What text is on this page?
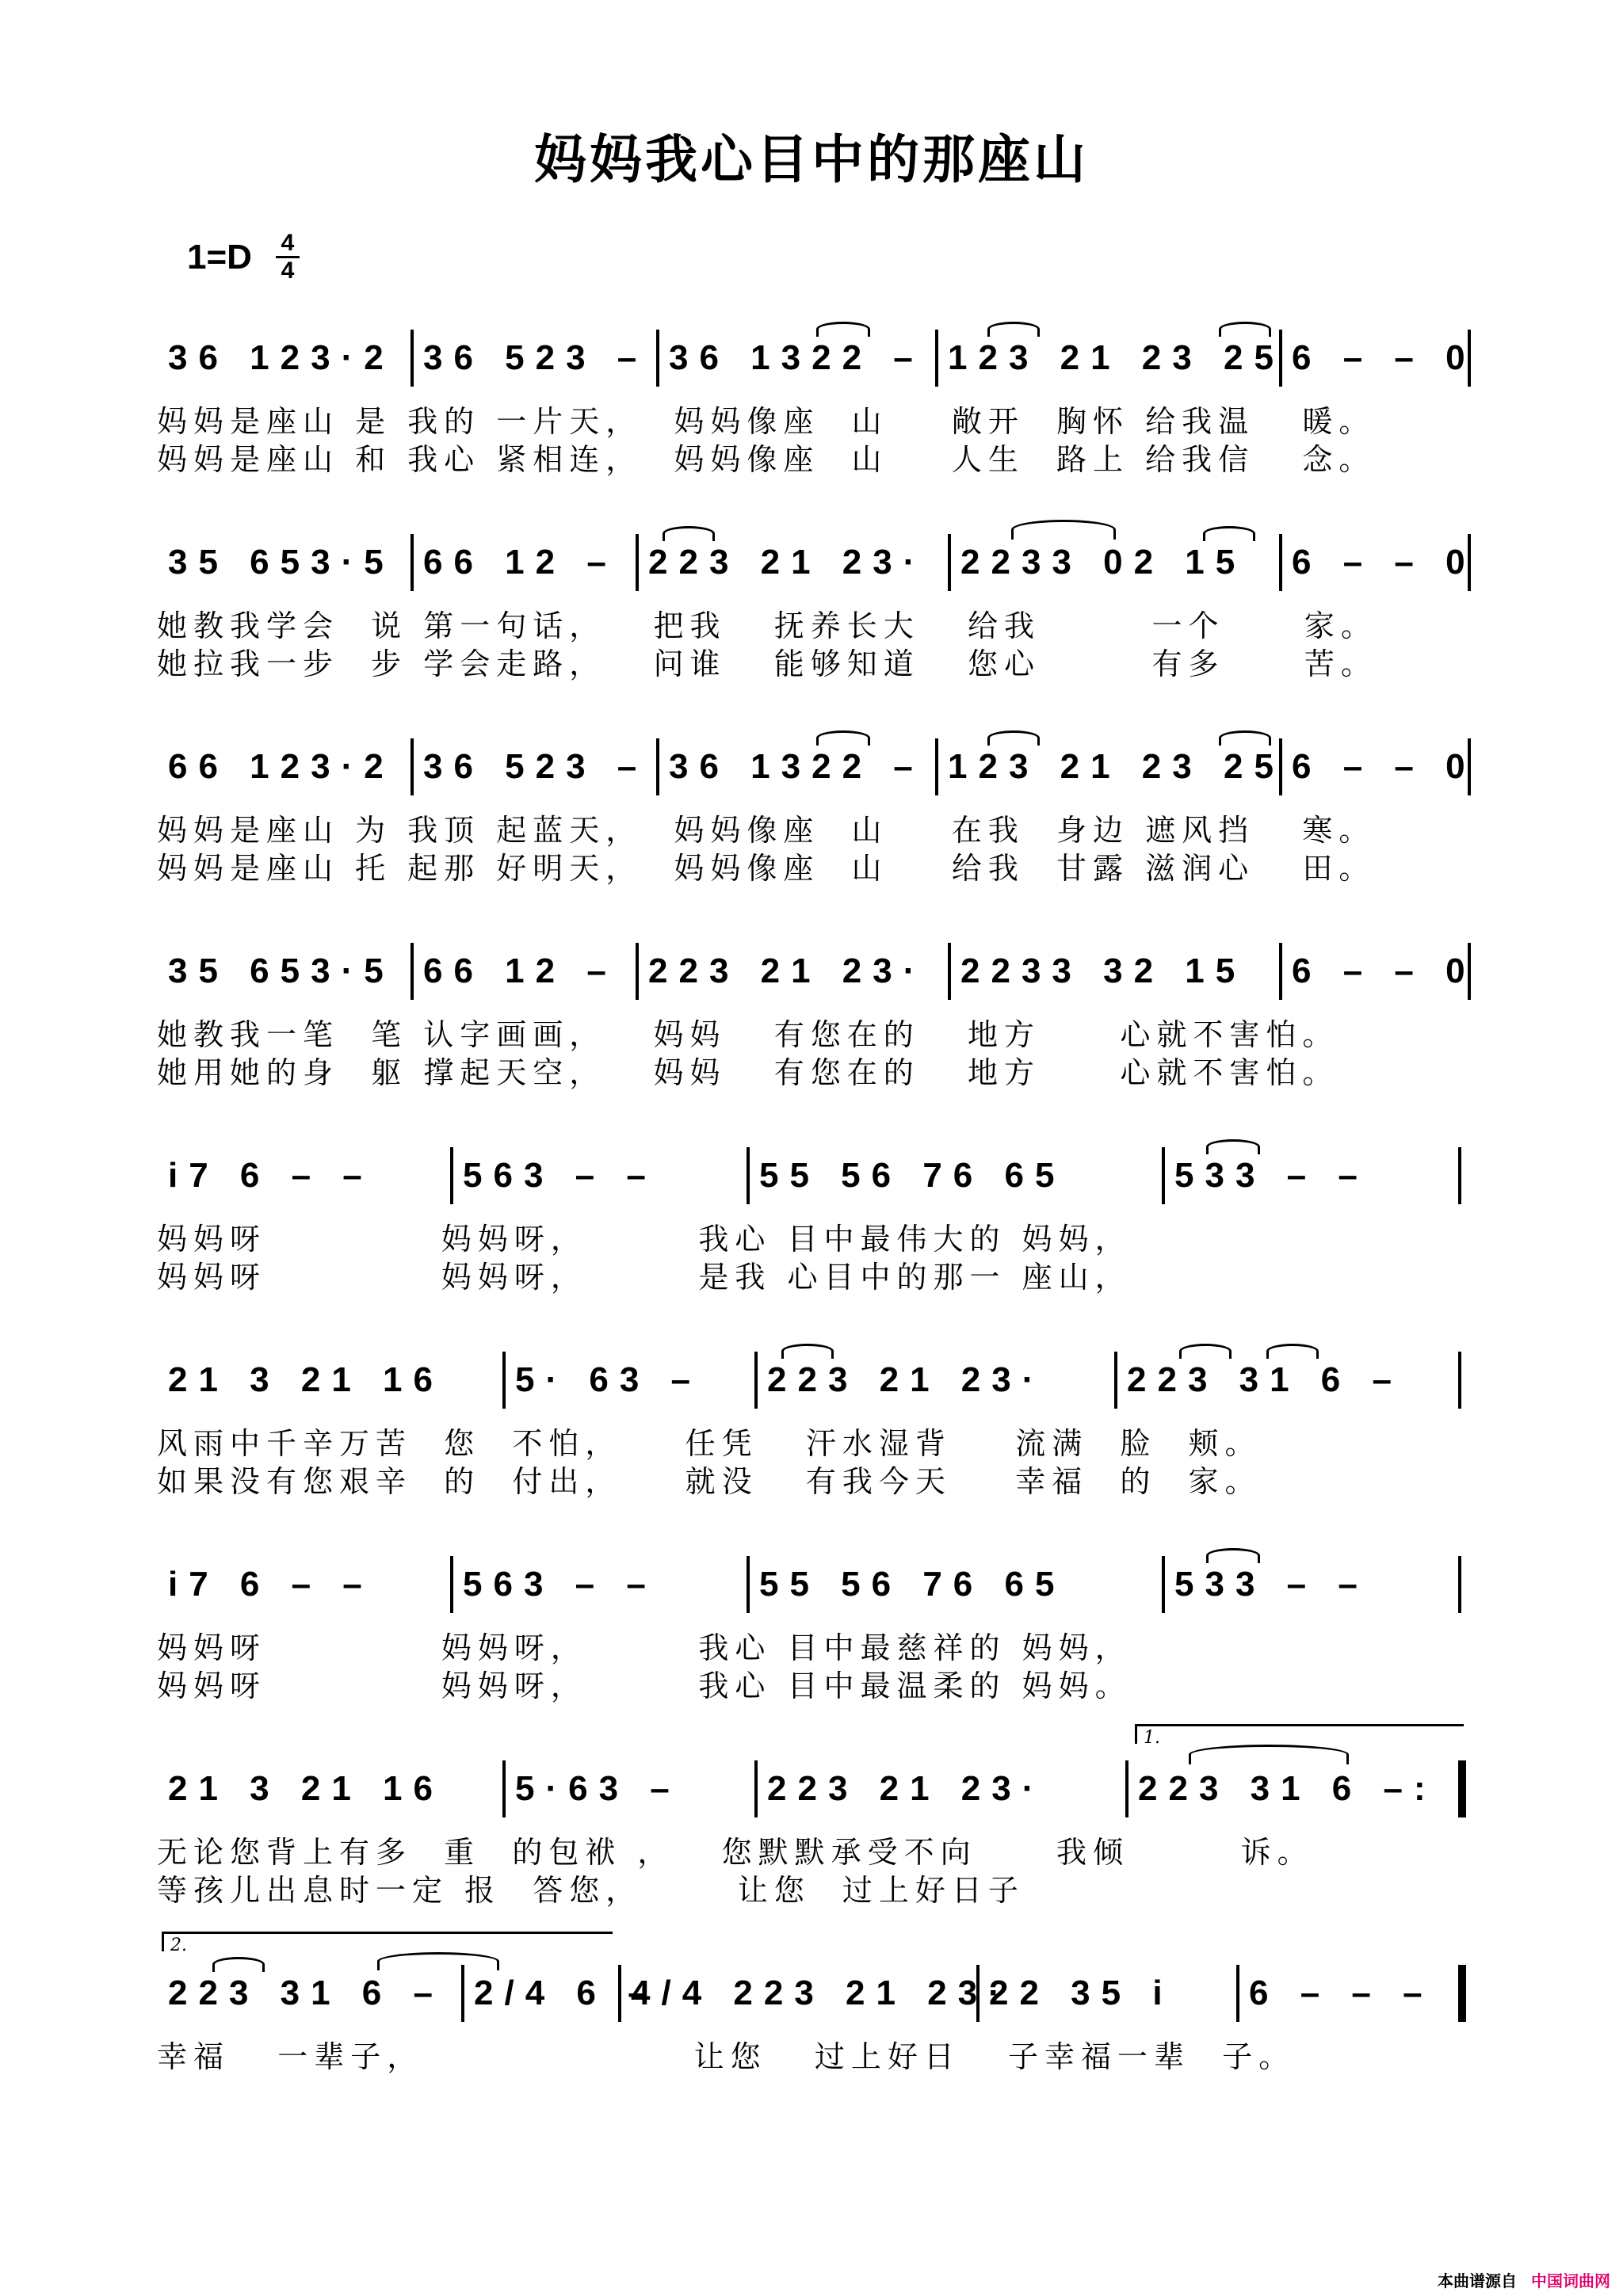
妈妈我心目中的那座山
1=D 4
4
36 123·2 36 523 – 36 1322 – 123 21 23 25 6 – – 0
妈妈是座山 是 我的 一片天，  妈妈像座  山    敞开  胸怀 给我温   暖。
妈妈是座山 和 我心 紧相连，  妈妈像座  山    人生  路上 给我信   念。
35 653·5 66 12 – 223 21 23· 2233 02 15	6 – – 0
她教我学会  说 第一句话，   把我   抚养长大   给我       一个     家。
她拉我一步  步 学会走路，   问谁   能够知道   您心       有多     苦。
66 123·2 36 523 – 36 1322 – 123 21 23 25 6 – – 0
妈妈是座山 为 我顶 起蓝天，  妈妈像座  山    在我  身边 遮风挡   寒。
妈妈是座山 托 起那 好明天，  妈妈像座  山    给我  甘露 滋润心   田。
35 653·5 66 12 – 223 21 23· 2233 32 15	6 – – 0
她教我一笔  笔 认字画画，   妈妈   有您在的   地方     心就不害怕。
她用她的身  躯 撑起天空，   妈妈   有您在的   地方     心就不害怕。
i7 6 – –	563 – –	55 56 76 65	533 – –
妈妈呀           妈妈呀，       我心 目中最伟大的 妈妈，
妈妈呀           妈妈呀，       是我 心目中的那一 座山，
21 3 21 16	5· 63 –	223 21 23·	223 31 6 –
风雨中千辛万苦  您  不怕，    任凭   汗水湿背    流满  脸  颊。
如果没有您艰辛  的  付出，    就没   有我今天    幸福  的  家。
i7 6 – –	563 – –	55 56 76 65	533 – –
妈妈呀           妈妈呀，       我心 目中最慈祥的 妈妈，
妈妈呀           妈妈呀，       我心 目中最温柔的 妈妈。
1.
21 3 21 16	5·63 –	223 21 23·	223 31 6 –:
无论您背上有多  重  的包袱 ，   您默默承受不向     我倾       诉。
等孩儿出息时一定 报  答您，      让您  过上好日子
2.
223 31 6 – 2/4 6 –
4/4 223 21 23·
22 35 i	6 – – –
幸福   一辈子，                 让您   过上好日   子幸福一辈  子。
本曲谱源自 中国词曲网
